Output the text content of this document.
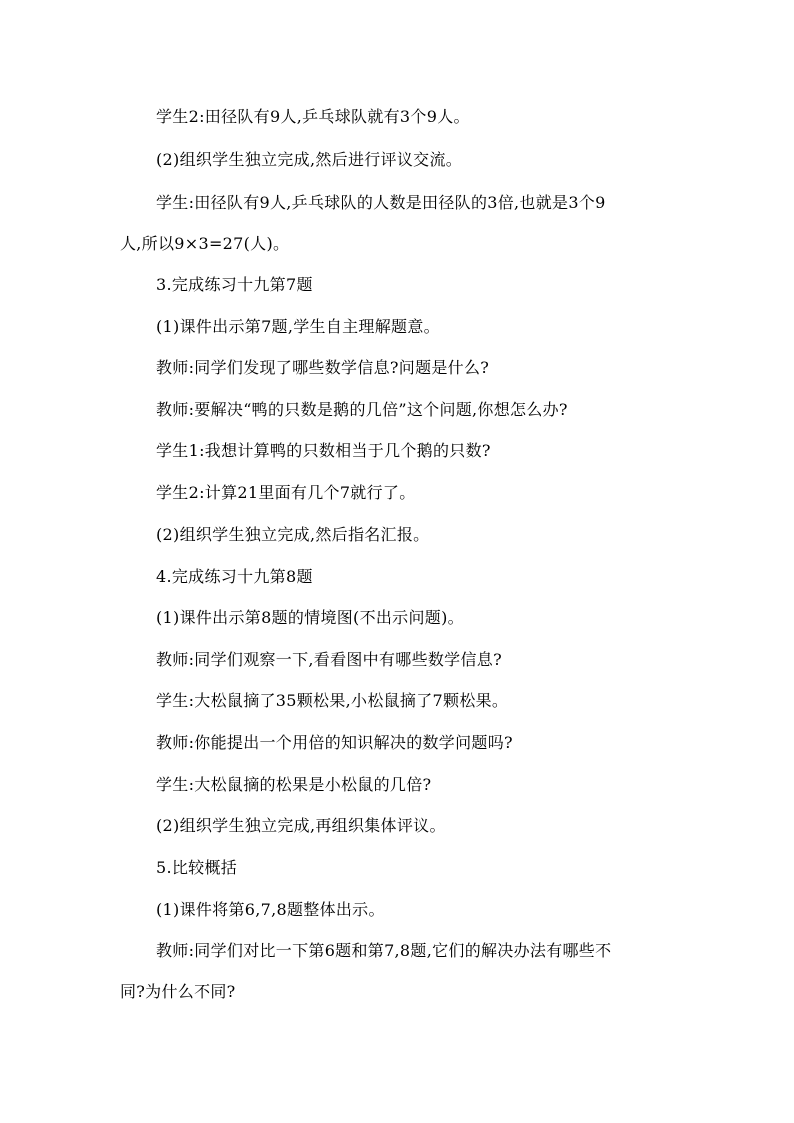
学生2:田径队有9人,乒乓球队就有3个9人。
(2)组织学生独立完成,然后进行评议交流。
学生:田径队有9人,乒乓球队的人数是田径队的3倍,也就是3个9
人,所以9×3=27(人)。
3.完成练习十九第7题
(1)课件出示第7题,学生自主理解题意。
教师:同学们发现了哪些数学信息?问题是什么?
教师:要解决“鸭的只数是鹅的几倍”这个问题,你想怎么办?
学生1:我想计算鸭的只数相当于几个鹅的只数?
学生2:计算21里面有几个7就行了。
(2)组织学生独立完成,然后指名汇报。
4.完成练习十九第8题
(1)课件出示第8题的情境图(不出示问题)。
教师:同学们观察一下,看看图中有哪些数学信息?
学生:大松鼠摘了35颗松果,小松鼠摘了7颗松果。
教师:你能提出一个用倍的知识解决的数学问题吗?
学生:大松鼠摘的松果是小松鼠的几倍?
(2)组织学生独立完成,再组织集体评议。
5.比较概括
(1)课件将第6,7,8题整体出示。
教师:同学们对比一下第6题和第7,8题,它们的解决办法有哪些不
同?为什么不同?
